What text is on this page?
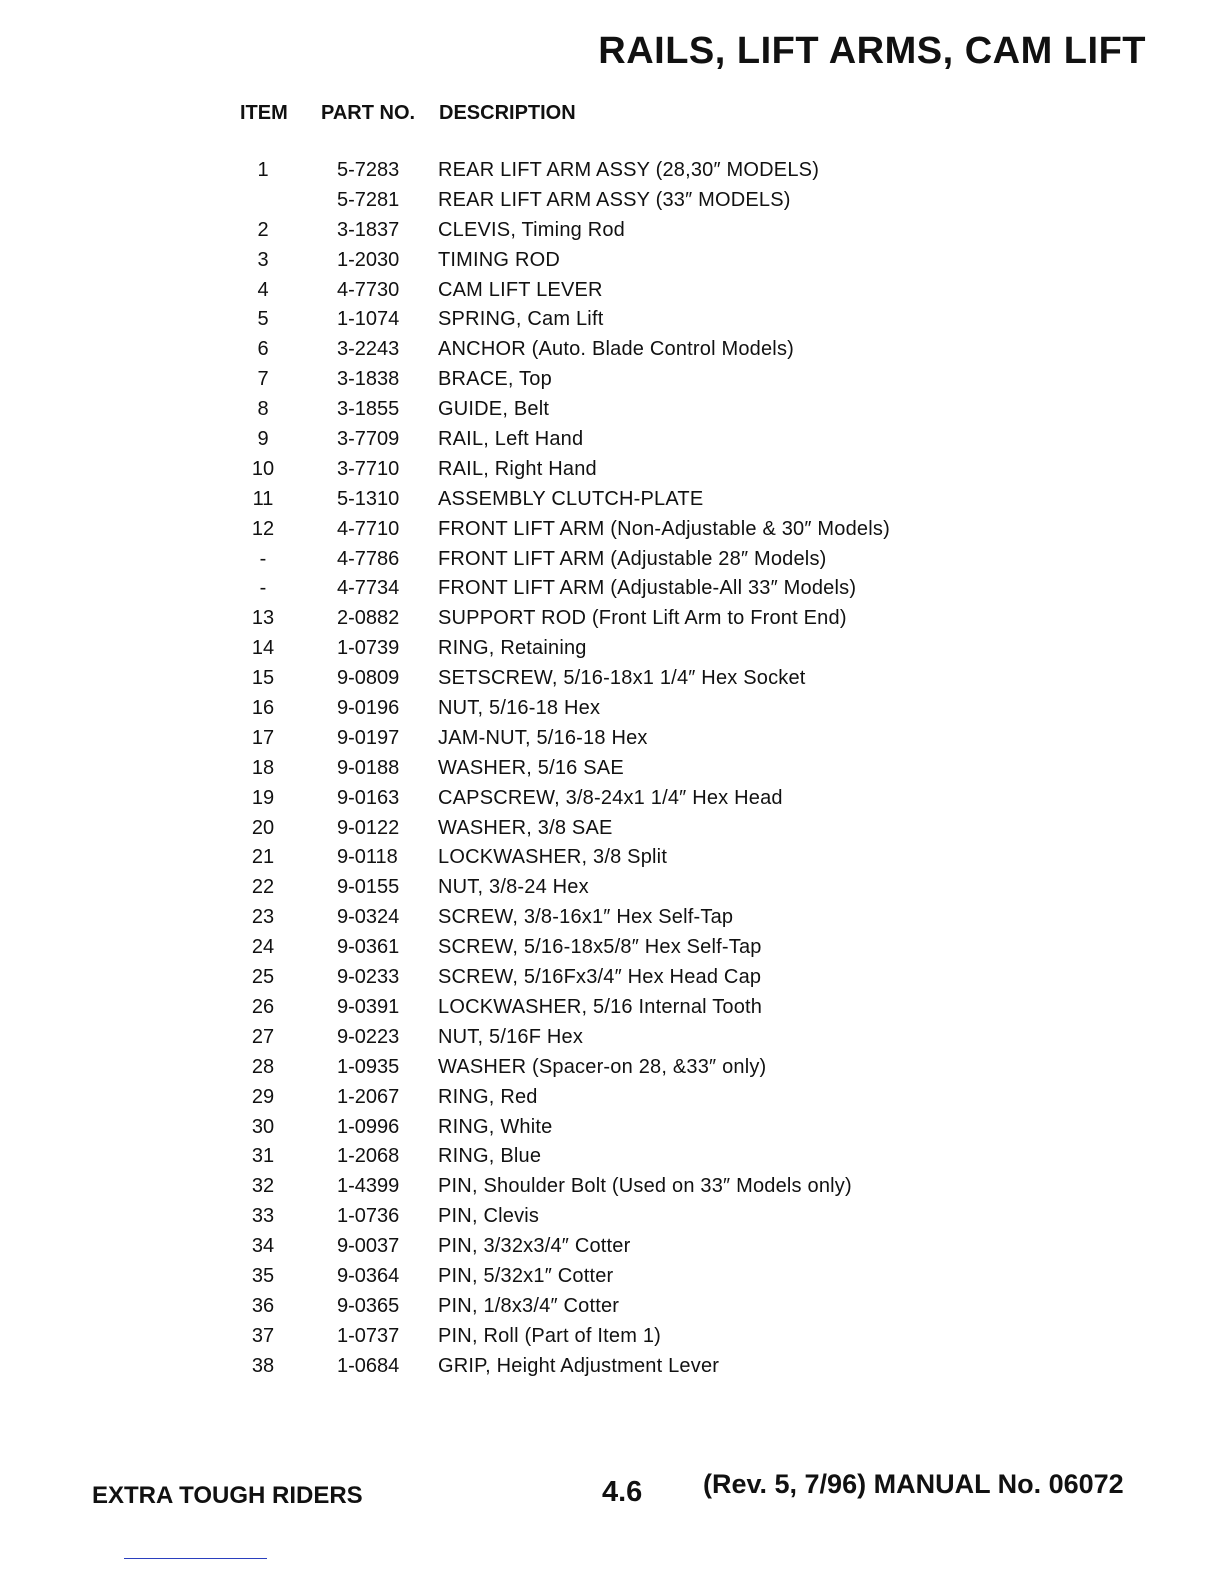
RAILS, LIFT ARMS, CAM LIFT
ITEM PART NO. DESCRIPTION
1	5-7283 REAR LIFT ARM ASSY (28,30″ MODELS)
5-7281 REAR LIFT ARM ASSY (33″ MODELS)
2	3-1837 CLEVIS, Timing Rod
3	1-2030 TIMING ROD
4	4-7730 CAM LIFT LEVER
5	1-1074 SPRING, Cam Lift
6	3-2243 ANCHOR (Auto. Blade Control Models)
7	3-1838 BRACE, Top
8	3-1855 GUIDE, Belt
9	3-7709 RAIL, Left Hand
10	3-7710 RAIL, Right Hand
11	5-1310 ASSEMBLY CLUTCH-PLATE
12	4-7710 FRONT LIFT ARM (Non-Adjustable & 30″ Models)
-	4-7786 FRONT LIFT ARM (Adjustable 28″ Models)
-	4-7734 FRONT LIFT ARM (Adjustable-All 33″ Models)
13	2-0882 SUPPORT ROD (Front Lift Arm to Front End)
14	1-0739 RING, Retaining
15	9-0809 SETSCREW, 5/16-18x1 1/4″ Hex Socket
16	9-0196 NUT, 5/16-18 Hex
17	9-0197 JAM-NUT, 5/16-18 Hex
18	9-0188 WASHER, 5/16 SAE
19	9-0163 CAPSCREW, 3/8-24x1 1/4″ Hex Head
20	9-0122 WASHER, 3/8 SAE
21	9-0118 LOCKWASHER, 3/8 Split
22	9-0155 NUT, 3/8-24 Hex
23	9-0324 SCREW, 3/8-16x1″ Hex Self-Tap
24	9-0361 SCREW, 5/16-18x5/8″ Hex Self-Tap
25	9-0233 SCREW, 5/16Fx3/4″ Hex Head Cap
26	9-0391 LOCKWASHER, 5/16 Internal Tooth
27	9-0223 NUT, 5/16F Hex
28	1-0935 WASHER (Spacer-on 28, &33″ only)
29	1-2067 RING, Red
30	1-0996 RING, White
31	1-2068 RING, Blue
32	1-4399 PIN, Shoulder Bolt (Used on 33″ Models only)
33	1-0736 PIN, Clevis
34	9-0037 PIN, 3/32x3/4″ Cotter
35	9-0364 PIN, 5/32x1″ Cotter
36	9-0365 PIN, 1/8x3/4″ Cotter
37	1-0737 PIN, Roll (Part of Item 1)
38	1-0684 GRIP, Height Adjustment Lever
EXTRA TOUGH RIDERS	4.6 (Rev. 5, 7/96) MANUAL No. 06072
